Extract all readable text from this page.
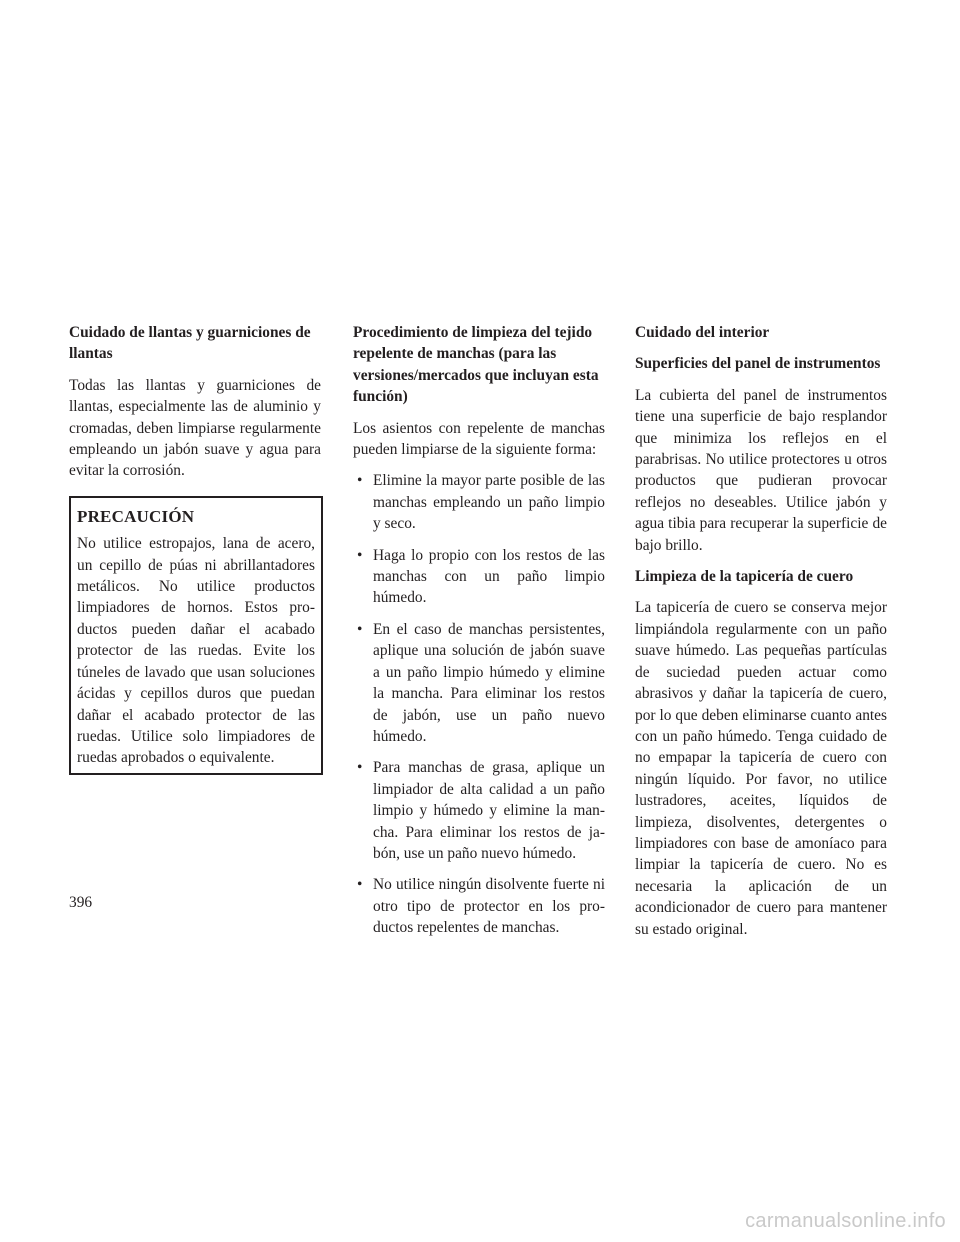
Cuidado de llantas y guarniciones de llantas
Todas las llantas y guarniciones de llantas, especialmente las de aluminio y cromadas, deben limpiarse regularmente empleando un jabón suave y agua para evitar la corrosión.
PRECAUCIÓN
No utilice estropajos, lana de acero, un cepillo de púas ni abrillantadores metálicos. No utilice productos limpiadores de hornos. Estos productos pueden dañar el acabado protector de las ruedas. Evite los túneles de lavado que usan soluciones ácidas y cepillos duros que puedan dañar el acabado protector de las ruedas. Utilice solo limpiadores de ruedas aprobados o equivalente.
Procedimiento de limpieza del tejido repelente de manchas (para las versiones/mercados que incluyan esta función)
Los asientos con repelente de manchas pueden limpiarse de la siguiente forma:
• Elimine la mayor parte posible de las manchas empleando un paño limpio y seco.
• Haga lo propio con los restos de las manchas con un paño limpio húmedo.
• En el caso de manchas persistentes, aplique una solución de jabón suave a un paño limpio húmedo y elimine la mancha. Para eliminar los restos de jabón, use un paño nuevo húmedo.
• Para manchas de grasa, aplique un limpiador de alta calidad a un paño limpio y húmedo y elimine la mancha. Para eliminar los restos de jabón, use un paño nuevo húmedo.
• No utilice ningún disolvente fuerte ni otro tipo de protector en los productos repelentes de manchas.
Cuidado del interior
Superficies del panel de instrumentos
La cubierta del panel de instrumentos tiene una superficie de bajo resplandor que minimiza los reflejos en el parabrisas. No utilice protectores u otros productos que pudieran provocar reflejos no deseables. Utilice jabón y agua tibia para recuperar la superficie de bajo brillo.
Limpieza de la tapicería de cuero
La tapicería de cuero se conserva mejor limpiándola regularmente con un paño suave húmedo. Las pequeñas partículas de suciedad pueden actuar como abrasivos y dañar la tapicería de cuero, por lo que deben eliminarse cuanto antes con un paño húmedo. Tenga cuidado de no empapar la tapicería de cuero con ningún líquido. Por favor, no utilice lustradores, aceites, líquidos de limpieza, disolventes, detergentes o limpiadores con base de amoníaco para limpiar la tapicería de cuero. No es necesaria la aplicación de un acondicionador de cuero para mantener su estado original.
396
carmanualsonline.info
